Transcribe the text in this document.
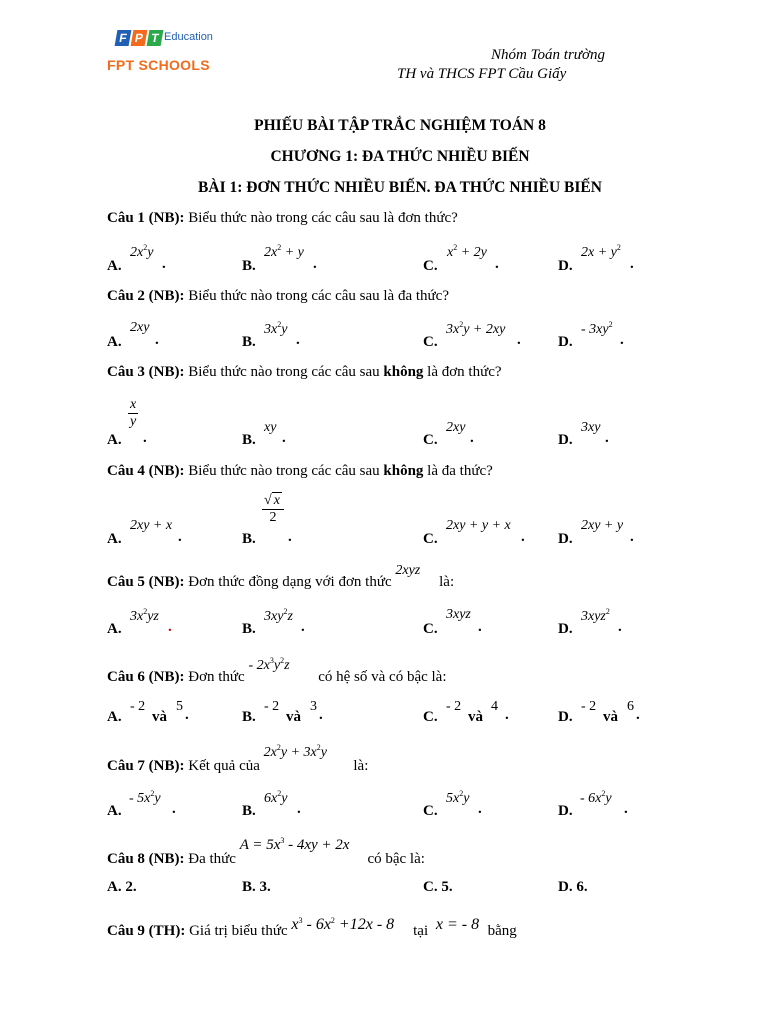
F P T Education
FPT SCHOOLS
Nhóm Toán trường
TH và THCS FPT Cầu Giấy
PHIẾU BÀI TẬP TRẮC NGHIỆM TOÁN 8
CHƯƠNG 1: ĐA THỨC NHIỀU BIẾN
BÀI 1: ĐƠN THỨC NHIỀU BIẾN. ĐA THỨC NHIỀU BIẾN
Câu 1 (NB): Biểu thức nào trong các câu sau là đơn thức?
A.
$2x^2y$
.	B.
$2x^2 + y$
.	C.
$x^2 + 2y$
.	D.
$2x + y^2$
.
Câu 2 (NB): Biểu thức nào trong các câu sau là đa thức?
A.
2xy
.	B.
$3x^2y$
.	C.
$3x^2y + 2xy$
. D.
- $3xy^2$
.
Câu 3 (NB): Biểu thức nào trong các câu sau không là đơn thức?
A.
$\frac{x}{y}$
.	B.
xy
.	C.
2xy
.	D.
3xy
.
Câu 4 (NB): Biểu thức nào trong các câu sau không là đa thức?
A.
2xy + x
.	B.
$\frac{√ x}{2}$
.	C.
2xy + y + x
. D.
2xy + y
.
Câu 5 (NB): Đơn thức đồng dạng với đơn thức 2xyz là:
A.
$3x^2yz$
.	B.
$3xy^2z$
.	C.
3xyz
.	D.
3xyz$^2$
.
Câu 6 (NB): Đơn thức - $2x^3y^2z$ có hệ số và có bậc là:
A.
- 2
và
5
.	B.
- 2
và
3
.	C.
- 2
và
4
.	D.
- 2
và
6
.
Câu 7 (NB): Kết quả của $2x^2y + 3x^2y$ là:
A.
- $5x^2y$
.	B.
$6x^2y$
.	C.
$5x^2y$
.	D.
- $6x^2y$
.
Câu 8 (NB): Đa thức $A = 5x^3 - 4xy + 2x$ có bậc là:
A. 2.	B. 3.	C. 5.	D. 6.
Câu 9 (TH): Giá trị biểu thức $x^3 - 6x^2 +12x - 8$ tại x = - 8 bằng
